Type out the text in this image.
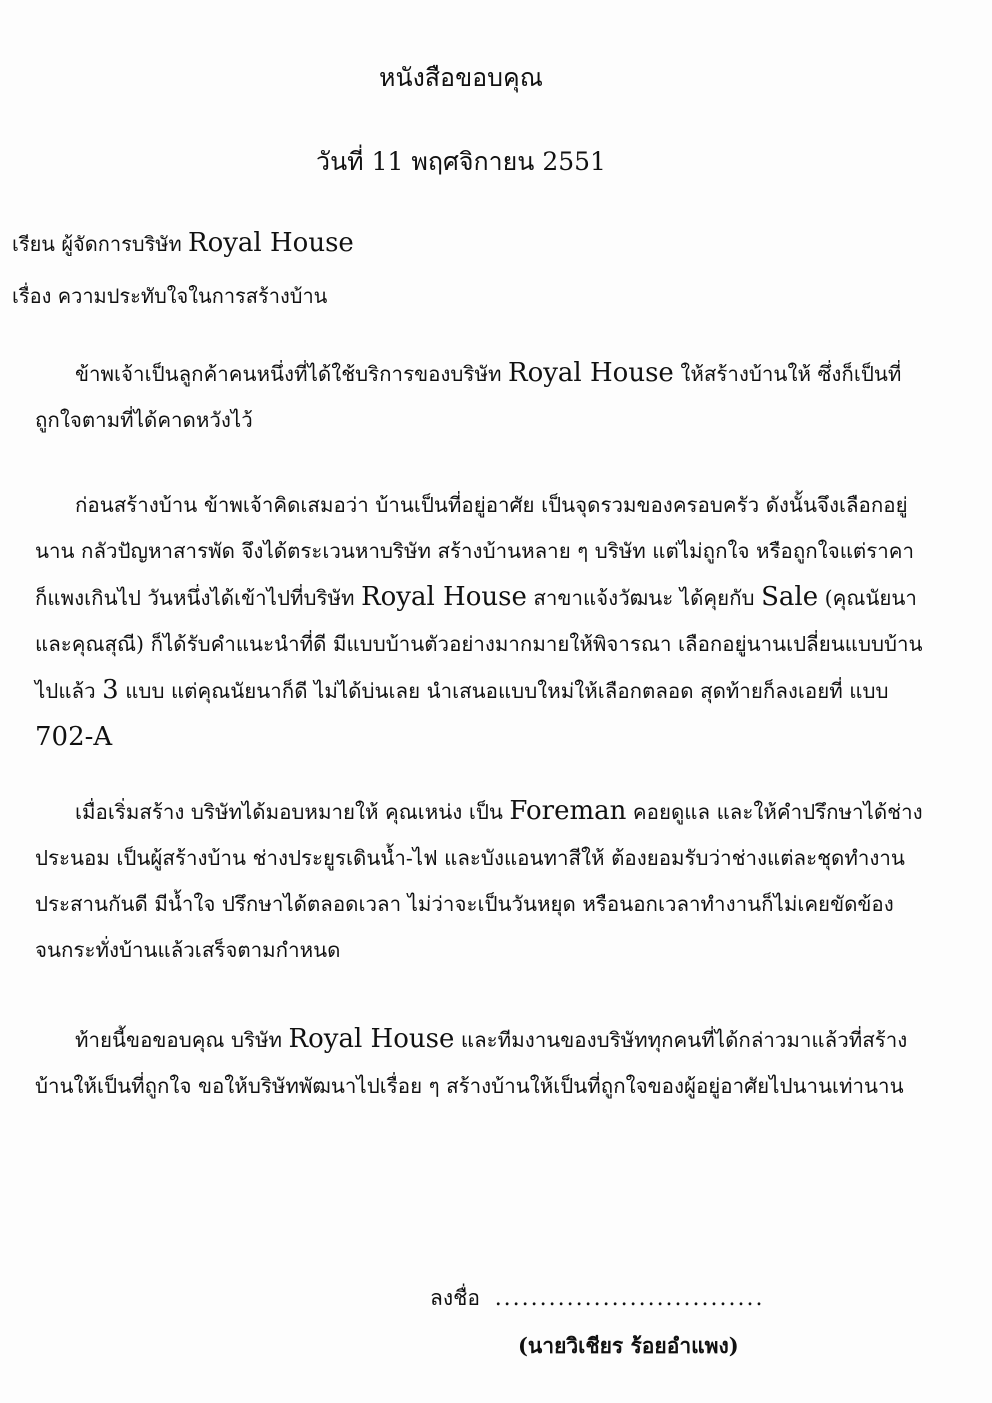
หนังสือขอบคุณ
วันที่ 11 พฤศจิกายน 2551
เรียน ผู้จัดการบริษัท Royal House
เรื่อง ความประทับใจในการสร้างบ้าน

ข้าพเจ้าเป็นลูกค้าคนหนึ่งที่ได้ใช้บริการของบริษัท Royal House ให้สร้างบ้านให้ ซึ่งก็เป็นที่ถูกใจตามที่ได้คาดหวังไว้

ก่อนสร้างบ้าน ข้าพเจ้าคิดเสมอว่า บ้านเป็นที่อยู่อาศัย เป็นจุดรวมของครอบครัว ดังนั้นจึงเลือกอยู่นาน กลัวปัญหาสารพัด จึงได้ตระเวนหาบริษัท สร้างบ้านหลาย ๆ บริษัท แต่ไม่ถูกใจ หรือถูกใจแต่ราคาก็แพงเกินไป วันหนึ่งได้เข้าไปที่บริษัท Royal House สาขาแจ้งวัฒนะ ได้คุยกับ Sale (คุณนัยนา และคุณสุณี) ก็ได้รับคำแนะนำที่ดี มีแบบบ้านตัวอย่างมากมายให้พิจารณา เลือกอยู่นานเปลี่ยนแบบบ้านไปแล้ว 3 แบบ แต่คุณนัยนาก็ดี ไม่ได้บ่นเลย นำเสนอแบบใหม่ให้เลือกตลอด สุดท้ายก็ลงเอยที่ แบบ 702-A

เมื่อเริ่มสร้าง บริษัทได้มอบหมายให้ คุณเหน่ง เป็น Foreman คอยดูแล และให้คำปรึกษาได้ช่างประนอม เป็นผู้สร้างบ้าน ช่างประยูรเดินน้ำ-ไฟ และบังแอนทาสีให้ ต้องยอมรับว่าช่างแต่ละชุดทำงานประสานกันดี มีน้ำใจ ปรึกษาได้ตลอดเวลา ไม่ว่าจะเป็นวันหยุด หรือนอกเวลาทำงานก็ไม่เคยขัดข้อง จนกระทั่งบ้านแล้วเสร็จตามกำหนด

ท้ายนี้ขอขอบคุณ บริษัท Royal House และทีมงานของบริษัททุกคนที่ได้กล่าวมาแล้วที่สร้างบ้านให้เป็นที่ถูกใจ ขอให้บริษัทพัฒนาไปเรื่อย ๆ สร้างบ้านให้เป็นที่ถูกใจของผู้อยู่อาศัยไปนานเท่านาน

ลงชื่อ ..............................
(นายวิเชียร ร้อยอำแพง)
